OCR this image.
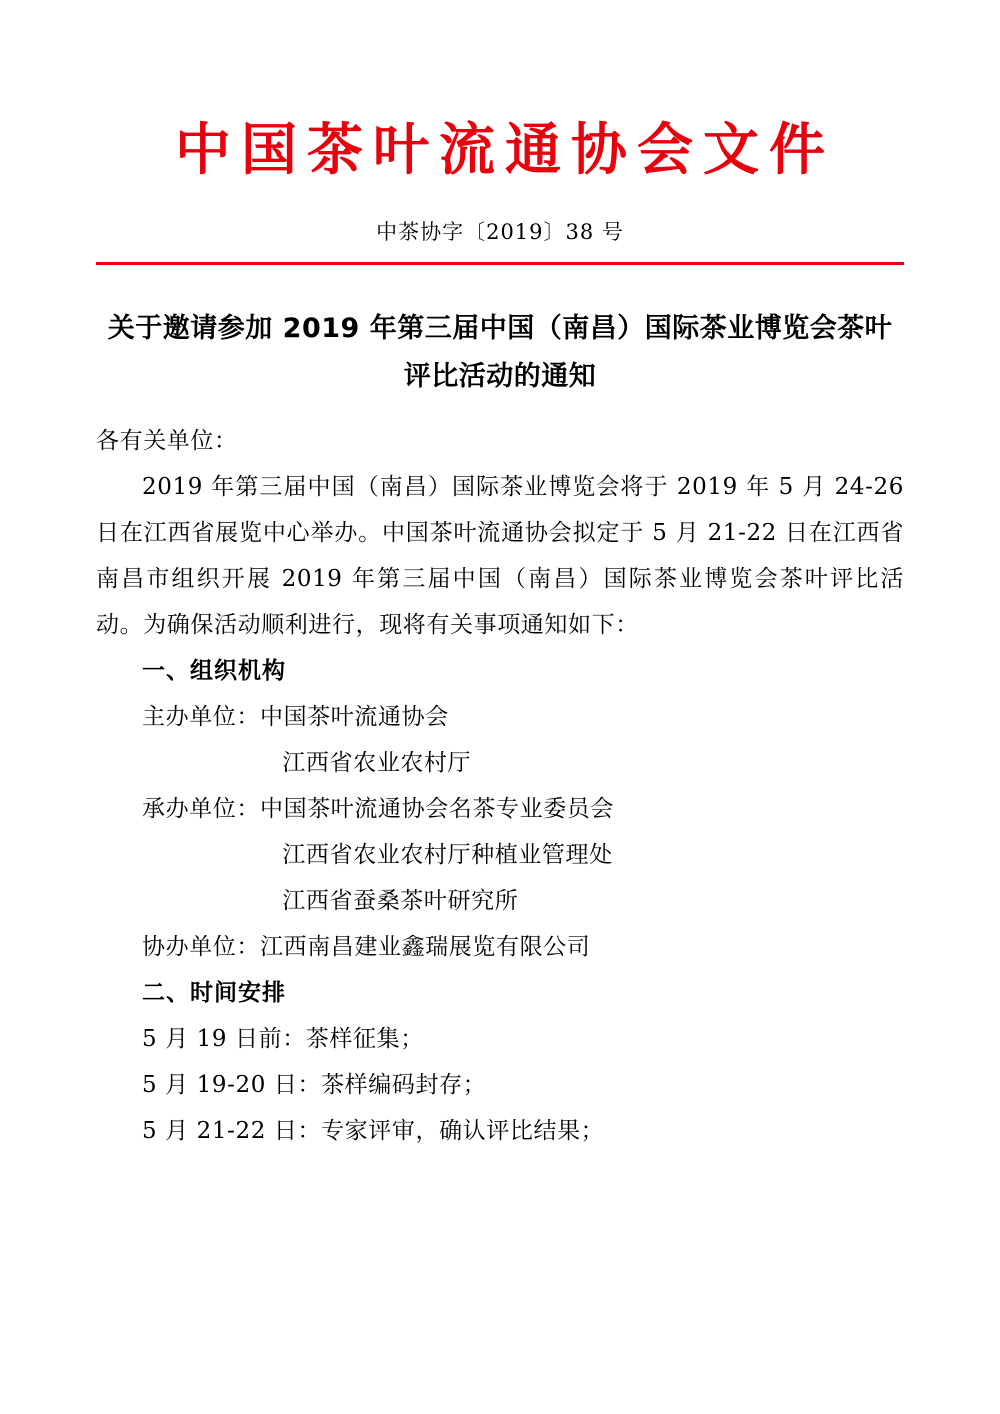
中国茶叶流通协会文件
中茶协字〔2019〕38 号
关于邀请参加 2019 年第三届中国（南昌）国际茶业博览会茶叶评比活动的通知

各有关单位：

2019 年第三届中国（南昌）国际茶业博览会将于 2019 年 5 月 24-26 日在江西省展览中心举办。中国茶叶流通协会拟定于 5 月 21-22 日在江西省南昌市组织开展 2019 年第三届中国（南昌）国际茶业博览会茶叶评比活动。为确保活动顺利进行，现将有关事项通知如下：

一、组织机构

主办单位：中国茶叶流通协会

江西省农业农村厅

承办单位：中国茶叶流通协会名茶专业委员会

江西省农业农村厅种植业管理处

江西省蚕桑茶叶研究所

协办单位：江西南昌建业鑫瑞展览有限公司

二、时间安排

5 月 19 日前：茶样征集；

5 月 19-20 日：茶样编码封存；

5 月 21-22 日：专家评审，确认评比结果；
